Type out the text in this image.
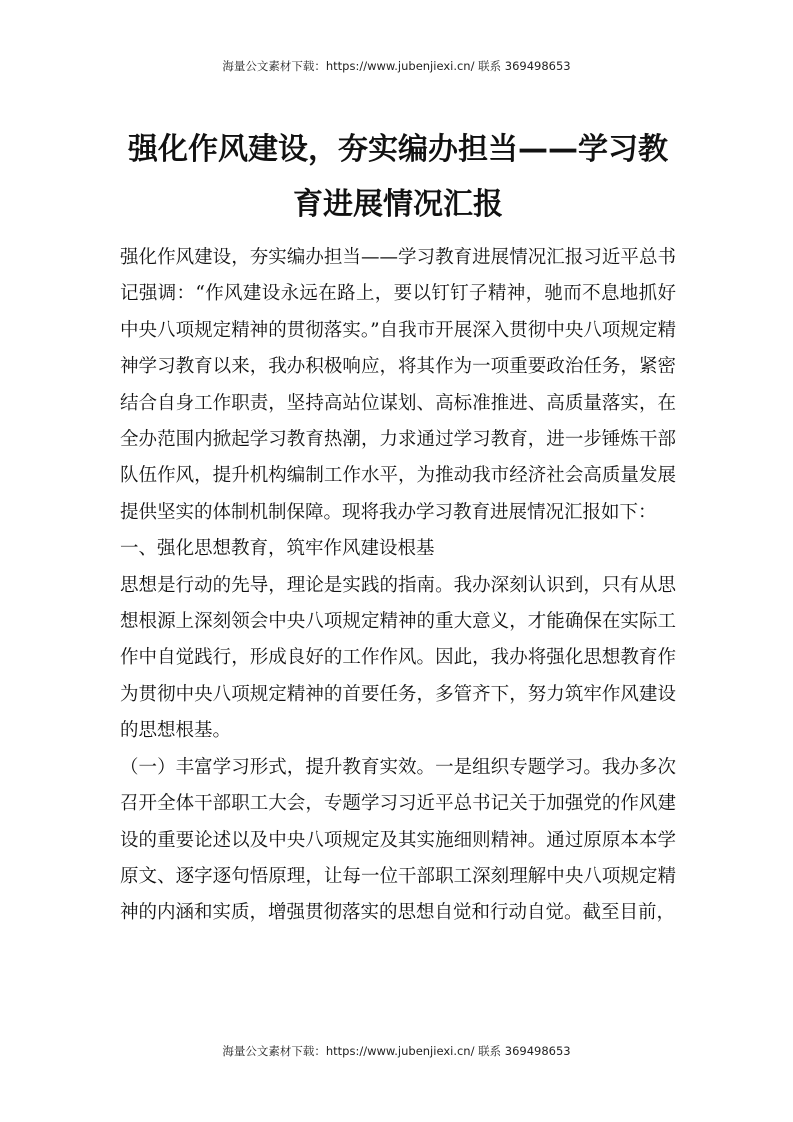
海量公文素材下载：https://www.jubenjiexi.cn/ 联系 369498653
强化作风建设，夯实编办担当——学习教育进展情况汇报

强化作风建设，夯实编办担当——学习教育进展情况汇报习近平总书记强调：“作风建设永远在路上，要以钉钉子精神，驰而不息地抓好中央八项规定精神的贯彻落实。”自我市开展深入贯彻中央八项规定精神学习教育以来，我办积极响应，将其作为一项重要政治任务，紧密结合自身工作职责，坚持高站位谋划、高标准推进、高质量落实，在全办范围内掀起学习教育热潮，力求通过学习教育，进一步锤炼干部队伍作风，提升机构编制工作水平，为推动我市经济社会高质量发展提供坚实的体制机制保障。现将我办学习教育进展情况汇报如下：

一、强化思想教育，筑牢作风建设根基

思想是行动的先导，理论是实践的指南。我办深刻认识到，只有从思想根源上深刻领会中央八项规定精神的重大意义，才能确保在实际工作中自觉践行，形成良好的工作作风。因此，我办将强化思想教育作为贯彻中央八项规定精神的首要任务，多管齐下，努力筑牢作风建设的思想根基。

（一）丰富学习形式，提升教育实效。一是组织专题学习。我办多次召开全体干部职工大会，专题学习习近平总书记关于加强党的作风建设的重要论述以及中央八项规定及其实施细则精神。通过原原本本学原文、逐字逐句悟原理，让每一位干部职工深刻理解中央八项规定精神的内涵和实质，增强贯彻落实的思想自觉和行动自觉。截至目前，

海量公文素材下载：https://www.jubenjiexi.cn/ 联系 369498653
